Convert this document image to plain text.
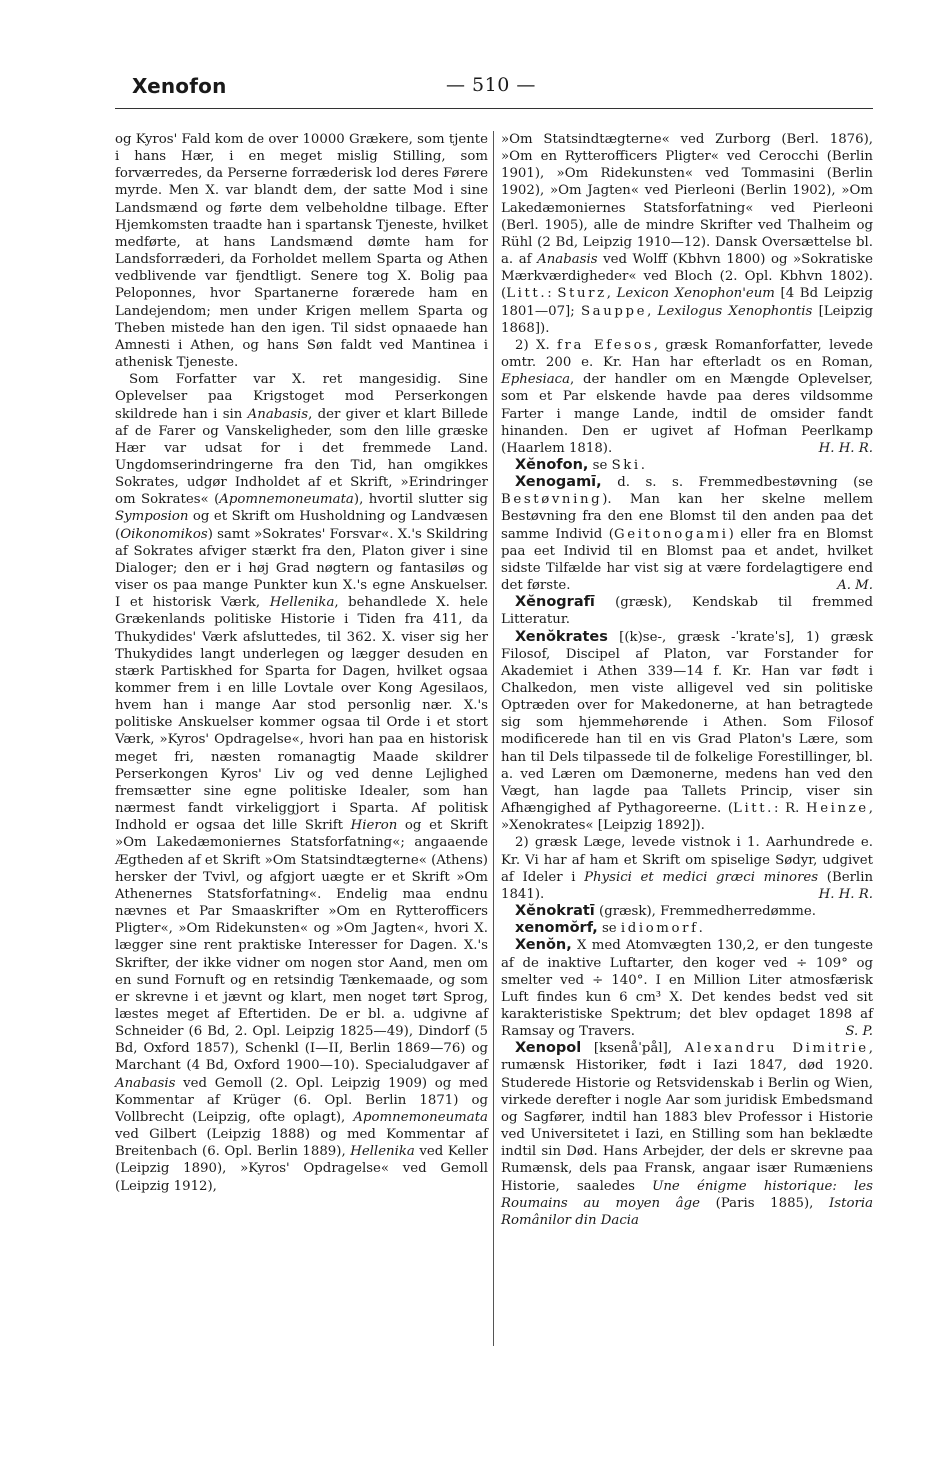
Xenofon	— 510 —

og Kyros' Fald kom de over 10000 Grækere, som tjente i hans Hær, i en meget mislig Stilling, som forværredes, da Perserne forræderisk lod deres Førere myrde. Men X. var blandt dem, der satte Mod i sine Landsmænd og førte dem velbeholdne tilbage. Efter Hjemkomsten traadte han i spartansk Tjeneste, hvilket medførte, at hans Landsmænd dømte ham for Landsforræderi, da Forholdet mellem Sparta og Athen vedblivende var fjendtligt. Senere tog X. Bolig paa Peloponnes, hvor Spartanerne forærede ham en Landejendom; men under Krigen mellem Sparta og Theben mistede han den igen. Til sidst opnaaede han Amnesti i Athen, og hans Søn faldt ved Mantinea i athenisk Tjeneste.

Som Forfatter var X. ret mangesidig. Sine Oplevelser paa Krigstoget mod Perserkongen skildrede han i sin Anabasis, der giver et klart Billede af de Farer og Vanskeligheder, som den lille græske Hær var udsat for i det fremmede Land. Ungdomserindringerne fra den Tid, han omgikkes Sokrates, udgør Indholdet af et Skrift, »Erindringer om Sokrates« (Apomnemoneumata), hvortil slutter sig Symposion og et Skrift om Husholdning og Landvæsen (Oikonomikos) samt »Sokrates' Forsvar«. X.'s Skildring af Sokrates afviger stærkt fra den, Platon giver i sine Dialoger; den er i høj Grad nøgtern og fantasiløs og viser os paa mange Punkter kun X.'s egne Anskuelser. I et historisk Værk, Hellenika, behandlede X. hele Grækenlands politiske Historie i Tiden fra 411, da Thukydides' Værk afsluttedes, til 362. X. viser sig her Thukydides langt underlegen og lægger desuden en stærk Partiskhed for Sparta for Dagen, hvilket ogsaa kommer frem i en lille Lovtale over Kong Agesilaos, hvem han i mange Aar stod personlig nær. X.'s politiske Anskuelser kommer ogsaa til Orde i et stort Værk, »Kyros' Opdragelse«, hvori han paa en historisk meget fri, næsten romanagtig Maade skildrer Perserkongen Kyros' Liv og ved denne Lejlighed fremsætter sine egne politiske Idealer, som han nærmest fandt virkeliggjort i Sparta. Af politisk Indhold er ogsaa det lille Skrift Hieron og et Skrift »Om Lakedæmoniernes Statsforfatning«; angaaende Ægtheden af et Skrift »Om Statsindtægterne« (Athens) hersker der Tvivl, og afgjort uægte er et Skrift »Om Athenernes Statsforfatning«. Endelig maa endnu nævnes et Par Smaaskrifter »Om en Rytterofficers Pligter«, »Om Ridekunsten« og »Om Jagten«, hvori X. lægger sine rent praktiske Interesser for Dagen. X.'s Skrifter, der ikke vidner om nogen stor Aand, men om en sund Fornuft og en retsindig Tænkemaade, og som er skrevne i et jævnt og klart, men noget tørt Sprog, læstes meget af Eftertiden. De er bl. a. udgivne af Schneider (6 Bd, 2. Opl. Leipzig 1825—49), Dindorf (5 Bd, Oxford 1857), Schenkl (I—II, Berlin 1869—76) og Marchant (4 Bd, Oxford 1900—10). Specialudgaver af Anabasis ved Gemoll (2. Opl. Leipzig 1909) og med Kommentar af Krüger (6. Opl. Berlin 1871) og Vollbrecht (Leipzig, ofte oplagt), Apomnemoneumata ved Gilbert (Leipzig 1888) og med Kommentar af Breitenbach (6. Opl. Berlin 1889), Hellenika ved Keller (Leipzig 1890), »Kyros' Opdragelse« ved Gemoll (Leipzig 1912),

»Om Statsindtægterne« ved Zurborg (Berl. 1876), »Om en Rytterofficers Pligter« ved Cerocchi (Berlin 1901), »Om Ridekunsten« ved Tommasini (Berlin 1902), »Om Jagten« ved Pierleoni (Berlin 1902), »Om Lakedæmoniernes Statsforfatning« ved Pierleoni (Berl. 1905), alle de mindre Skrifter ved Thalheim og Rühl (2 Bd, Leipzig 1910—12). Dansk Oversættelse bl. a. af Anabasis ved Wolff (Kbhvn 1800) og »Sokratiske Mærkværdigheder« ved Bloch (2. Opl. Kbhvn 1802). (Litt.: Sturz, Lexicon Xenophon'eum [4 Bd Leipzig 1801—07]; Sauppe, Lexilogus Xenophontis [Leipzig 1868]).

2) X. fra Efesos, græsk Romanforfatter, levede omtr. 200 e. Kr. Han har efterladt os en Roman, Ephesiaca, der handler om en Mængde Oplevelser, som et Par elskende havde paa deres vildsomme Farter i mange Lande, indtil de omsider fandt hinanden. Den er ugivet af Hofman Peerlkamp (Haarlem 1818).	H. H. R.

Xĕnofon, se Ski.

Xenogamī, d. s. s. Fremmedbestøvning (se Bestøvning). Man kan her skelne mellem Bestøvning fra den ene Blomst til den anden paa det samme Individ (Geitonogami) eller fra en Blomst paa eet Individ til en Blomst paa et andet, hvilket sidste Tilfælde har vist sig at være fordelagtigere end det første.	A. M.

Xĕnografī (græsk), Kendskab til fremmed Litteratur.

Xenŏkrates [(k)se-, græsk -ˈkrateˈs], 1) græsk Filosof, Discipel af Platon, var Forstander for Akademiet i Athen 339—14 f. Kr. Han var født i Chalkedon, men viste alligevel ved sin politiske Optræden over for Makedonerne, at han betragtede sig som hjemmehørende i Athen. Som Filosof modificerede han til en vis Grad Platon's Lære, som han til Dels tilpassede til de folkelige Forestillinger, bl. a. ved Læren om Dæmonerne, medens han ved den Vægt, han lagde paa Tallets Princip, viser sin Afhængighed af Pythagoreerne. (Litt.: R. Heinze, »Xenokrates« [Leipzig 1892]).

2) græsk Læge, levede vistnok i 1. Aarhundrede e. Kr. Vi har af ham et Skrift om spiselige Sødyr, udgivet af Ideler i Physici et medici græci minores (Berlin 1841).	H. H. R.

Xĕnokratī (græsk), Fremmedherredømme.

xenomŏrf, se idiomorf.

Xenŏn, X med Atomvægten 130,2, er den tungeste af de inaktive Luftarter, den koger ved ÷ 109° og smelter ved ÷ 140°. I en Million Liter atmosfærisk Luft findes kun 6 cm³ X. Det kendes bedst ved sit karakteristiske Spektrum; det blev opdaget 1898 af Ramsay og Travers.	S. P.

Xenopol [ksenåˈpål], Alexandru Dimitrie, rumænsk Historiker, født i Iazi 1847, død 1920. Studerede Historie og Retsvidenskab i Berlin og Wien, virkede derefter i nogle Aar som juridisk Embedsmand og Sagfører, indtil han 1883 blev Professor i Historie ved Universitetet i Iazi, en Stilling som han beklædte indtil sin Død. Hans Arbejder, der dels er skrevne paa Rumænsk, dels paa Fransk, angaar især Rumæniens Historie, saaledes Une énigme historique: les Roumains au moyen âge (Paris 1885), Istoria Românilor din Dacia
